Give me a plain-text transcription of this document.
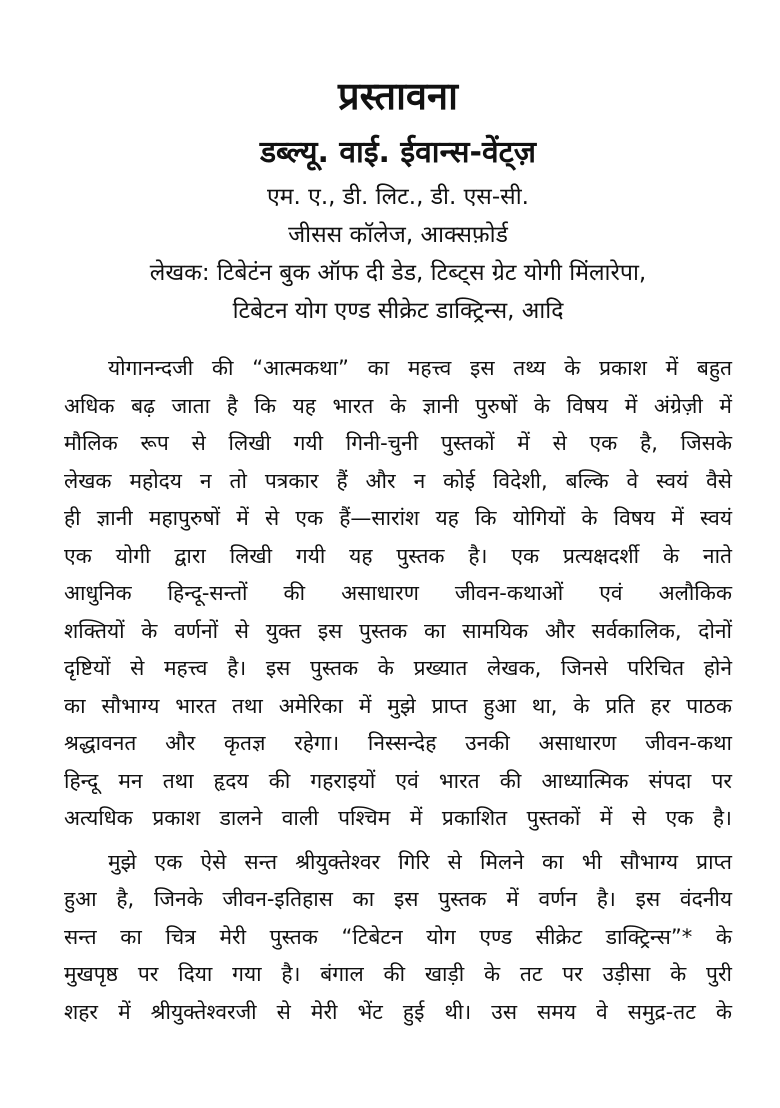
प्रस्तावना
डब्ल्यू. वाई. ईवान्स-वेंट्ज़

एम. ए., डी. लिट., डी. एस-सी.

जीसस कॉलेज, आक्सफ़ोर्ड

लेखक: टिबेटंन बुक ऑफ दी डेड, टिब्ट्स ग्रेट योगी मिंलारेपा,

टिबेटन योग एण्ड सीक्रेट डाक्ट्रिन्स, आदि

योगानन्दजी की “आत्मकथा” का महत्त्व इस तथ्य के प्रकाश में बहुत
अधिक बढ़ जाता है कि यह भारत के ज्ञानी पुरुषों के विषय में अंग्रेज़ी में
मौलिक रूप से लिखी गयी गिनी-चुनी पुस्तकों में से एक है, जिसके
लेखक महोदय न तो पत्रकार हैं और न कोई विदेशी, बल्कि वे स्वयं वैसे
ही ज्ञानी महापुरुषों में से एक हैं—सारांश यह कि योगियों के विषय में स्वयं
एक योगी द्वारा लिखी गयी यह पुस्तक है। एक प्रत्यक्षदर्शी के नाते
आधुनिक हिन्दू-सन्तों की असाधारण जीवन-कथाओं एवं अलौकिक
शक्तियों के वर्णनों से युक्त इस पुस्तक का सामयिक और सर्वकालिक, दोनों
दृष्टियों से महत्त्व है। इस पुस्तक के प्रख्यात लेखक, जिनसे परिचित होने
का सौभाग्य भारत तथा अमेरिका में मुझे प्राप्त हुआ था, के प्रति हर पाठक
श्रद्धावनत और कृतज्ञ रहेगा। निस्सन्देह उनकी असाधारण जीवन-कथा
हिन्दू मन तथा हृदय की गहराइयों एवं भारत की आध्यात्मिक संपदा पर
अत्यधिक प्रकाश डालने वाली पश्चिम में प्रकाशित पुस्तकों में से एक है।

मुझे एक ऐसे सन्त श्रीयुक्तेश्वर गिरि से मिलने का भी सौभाग्य प्राप्त
हुआ है, जिनके जीवन-इतिहास का इस पुस्तक में वर्णन है। इस वंदनीय
सन्त का चित्र मेरी पुस्तक “टिबेटन योग एण्ड सीक्रेट डाक्ट्रिन्स”* के
मुखपृष्ठ पर दिया गया है। बंगाल की खाड़ी के तट पर उड़ीसा के पुरी
शहर में श्रीयुक्तेश्वरजी से मेरी भेंट हुई थी। उस समय वे समुद्र-तट के
